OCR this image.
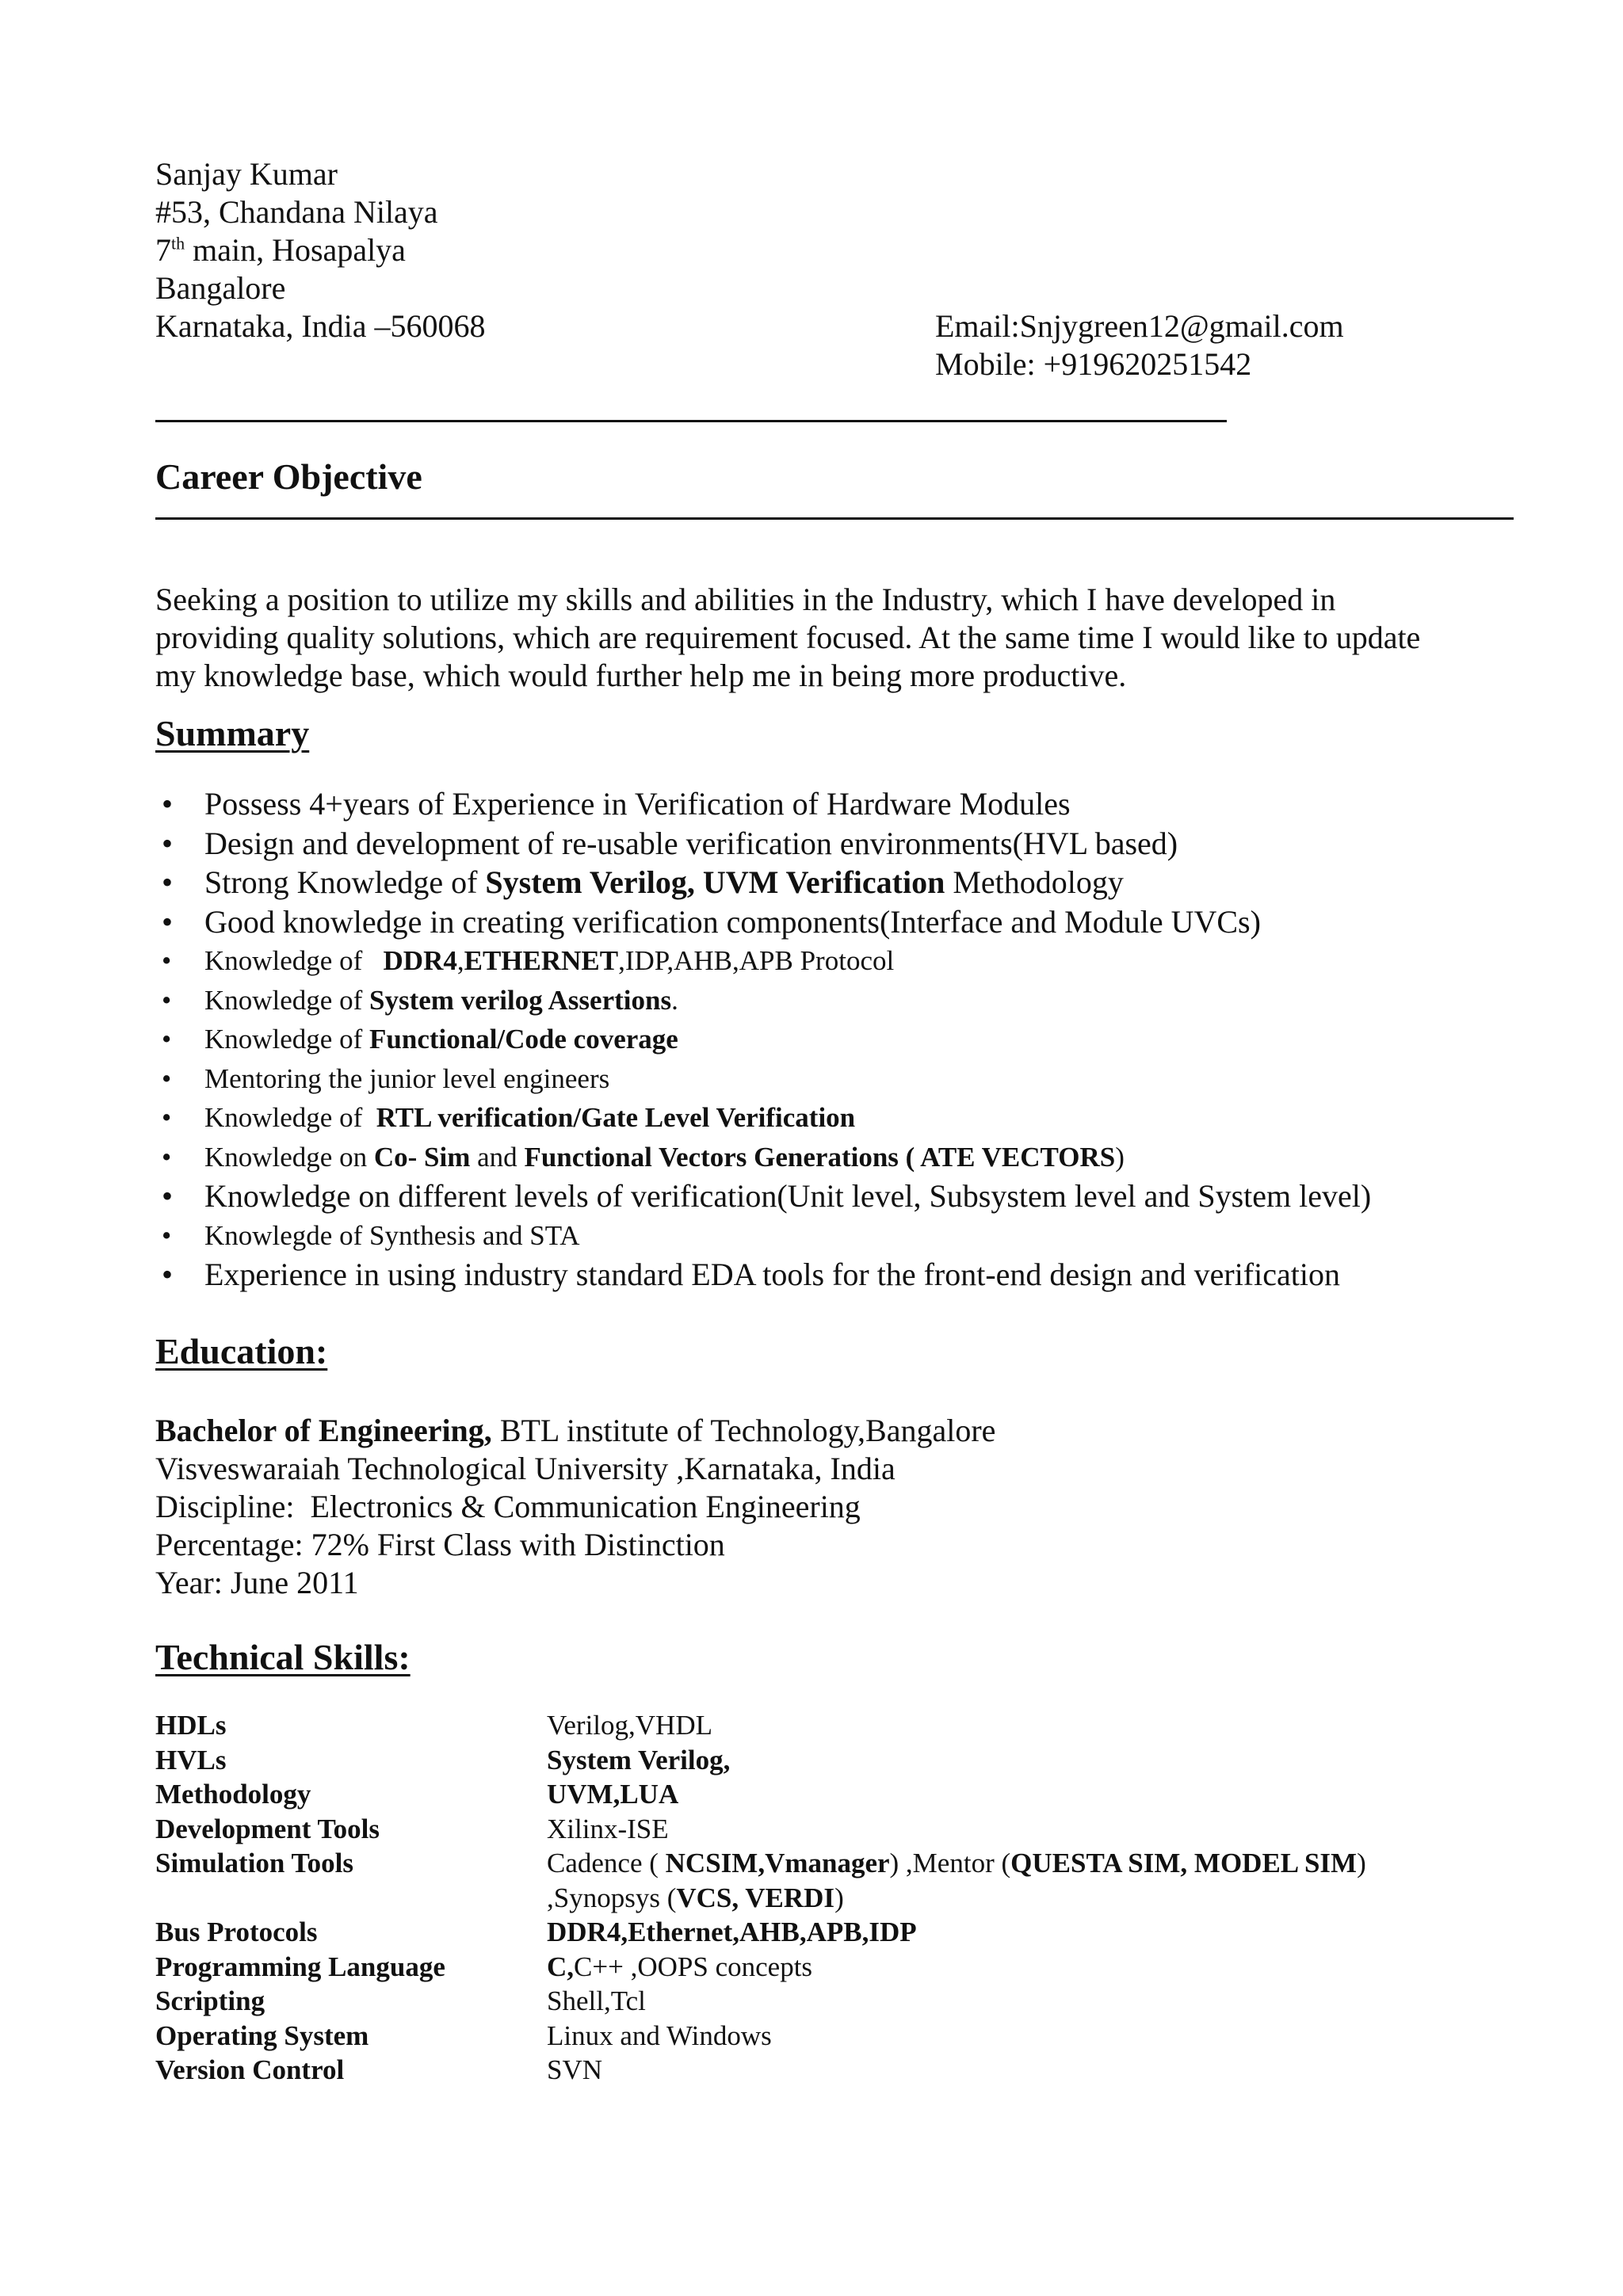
Sanjay Kumar
#53, Chandana Nilaya
7th main, Hosapalya
Bangalore
Karnataka, India –560068	Email:Snjygreen12@gmail.com
Mobile: +919620251542
Career Objective
Seeking a position to utilize my skills and abilities in the Industry, which I have developed in
providing quality solutions, which are requirement focused. At the same time I would like to update
my knowledge base, which would further help me in being more productive.
Summary
• Possess 4+years of Experience in Verification of Hardware Modules
• Design and development of re-usable verification environments(HVL based)
• Strong Knowledge of System Verilog, UVM Verification Methodology
• Good knowledge in creating verification components(Interface and Module UVCs)
• Knowledge of   DDR4,ETHERNET,IDP,AHB,APB Protocol
• Knowledge of System verilog Assertions.
• Knowledge of Functional/Code coverage
• Mentoring the junior level engineers
• Knowledge of  RTL verification/Gate Level Verification
• Knowledge on Co- Sim and Functional Vectors Generations ( ATE VECTORS)
• Knowledge on different levels of verification(Unit level, Subsystem level and System level)
• Knowlegde of Synthesis and STA
• Experience in using industry standard EDA tools for the front-end design and verification
Education:
Bachelor of Engineering, BTL institute of Technology,Bangalore
Visveswaraiah Technological University ,Karnataka, India
Discipline:  Electronics & Communication Engineering
Percentage: 72% First Class with Distinction
Year: June 2011
Technical Skills:
HDLs	Verilog,VHDL
HVLs	System Verilog,
Methodology	UVM,LUA
Development Tools	Xilinx-ISE
Simulation Tools	Cadence ( NCSIM,Vmanager) ,Mentor (QUESTA SIM, MODEL SIM)
,Synopsys (VCS, VERDI)
Bus Protocols	DDR4,Ethernet,AHB,APB,IDP
Programming Language	C,C++ ,OOPS concepts
Scripting	Shell,Tcl
Operating System	Linux and Windows
Version Control	SVN
